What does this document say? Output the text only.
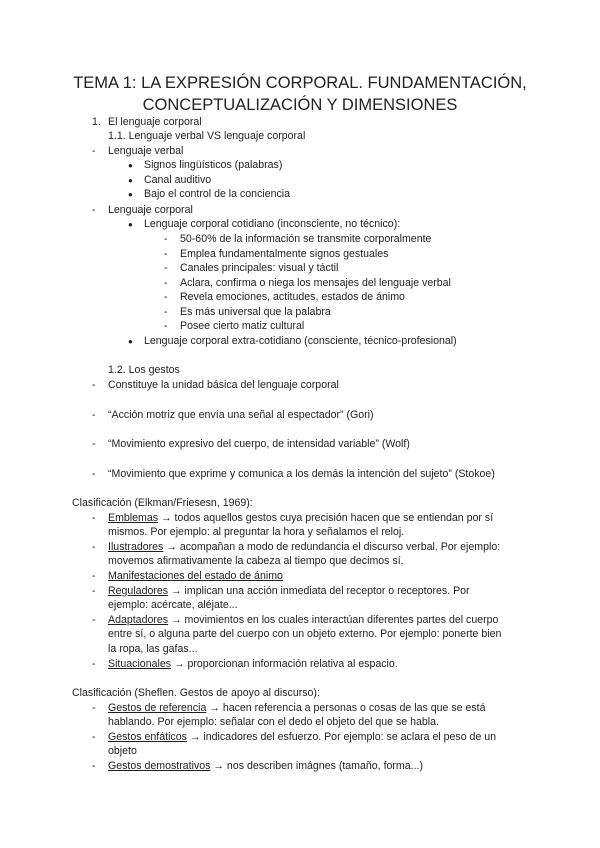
TEMA 1: LA EXPRESIÓN CORPORAL. FUNDAMENTACIÓN,
CONCEPTUALIZACIÓN Y DIMENSIONES
1. El lenguaje corporal
1.1. Lenguaje verbal VS lenguaje corporal
- Lenguaje verbal
● Signos lingüísticos (palabras)
● Canal auditivo
● Bajo el control de la conciencia
- Lenguaje corporal
● Lenguaje corporal cotidiano (inconsciente, no técnico):
- 50-60% de la información se transmite corporalmente
- Emplea fundamentalmente signos gestuales
- Canales principales: visual y táctil
- Aclara, confirma o niega los mensajes del lenguaje verbal
- Revela emociones, actitudes, estados de ánimo
- Es más universal que la palabra
- Posee cierto matiz cultural
● Lenguaje corporal extra-cotidiano (consciente, técnico-profesional)
1.2. Los gestos
- Constituye la unidad básica del lenguaje corporal
- “Acción motriz que envía una señal al espectador” (Gori)
- “Movimiento expresivo del cuerpo, de intensidad variable” (Wolf)
- “Movimiento que exprime y comunica a los demás la intención del sujeto” (Stokoe)
Clasificación (Elkman/Friesesn, 1969):
- Emblemas → todos aquellos gestos cuya precisión hacen que se entiendan por sí
mismos. Por ejemplo: al preguntar la hora y señalamos el reloj.
- Ilustradores → acompañan a modo de redundancia el discurso verbal. Por ejemplo:
movemos afirmativamente la cabeza al tiempo que decimos sí.
- Manifestaciones del estado de ánimo
- Reguladores → implican una acción inmediata del receptor o receptores. Por
ejemplo: acércate, aléjate...
- Adaptadores → movimientos en los cuales interactúan diferentes partes del cuerpo
entre sí, o alguna parte del cuerpo con un objeto externo. Por ejemplo: ponerte bien
la ropa, las gafas...
- Situacionales → proporcionan información relativa al espacio.
Clasificación (Sheflen. Gestos de apoyo al discurso):
- Gestos de referencia → hacen referencia a personas o cosas de las que se está
hablando. Por ejemplo: señalar con el dedo el objeto del que se habla.
- Gestos enfáticos → indicadores del esfuerzo. Por ejemplo: se aclara el peso de un
objeto
- Gestos demostrativos → nos describen imágnes (tamaño, forma...)
